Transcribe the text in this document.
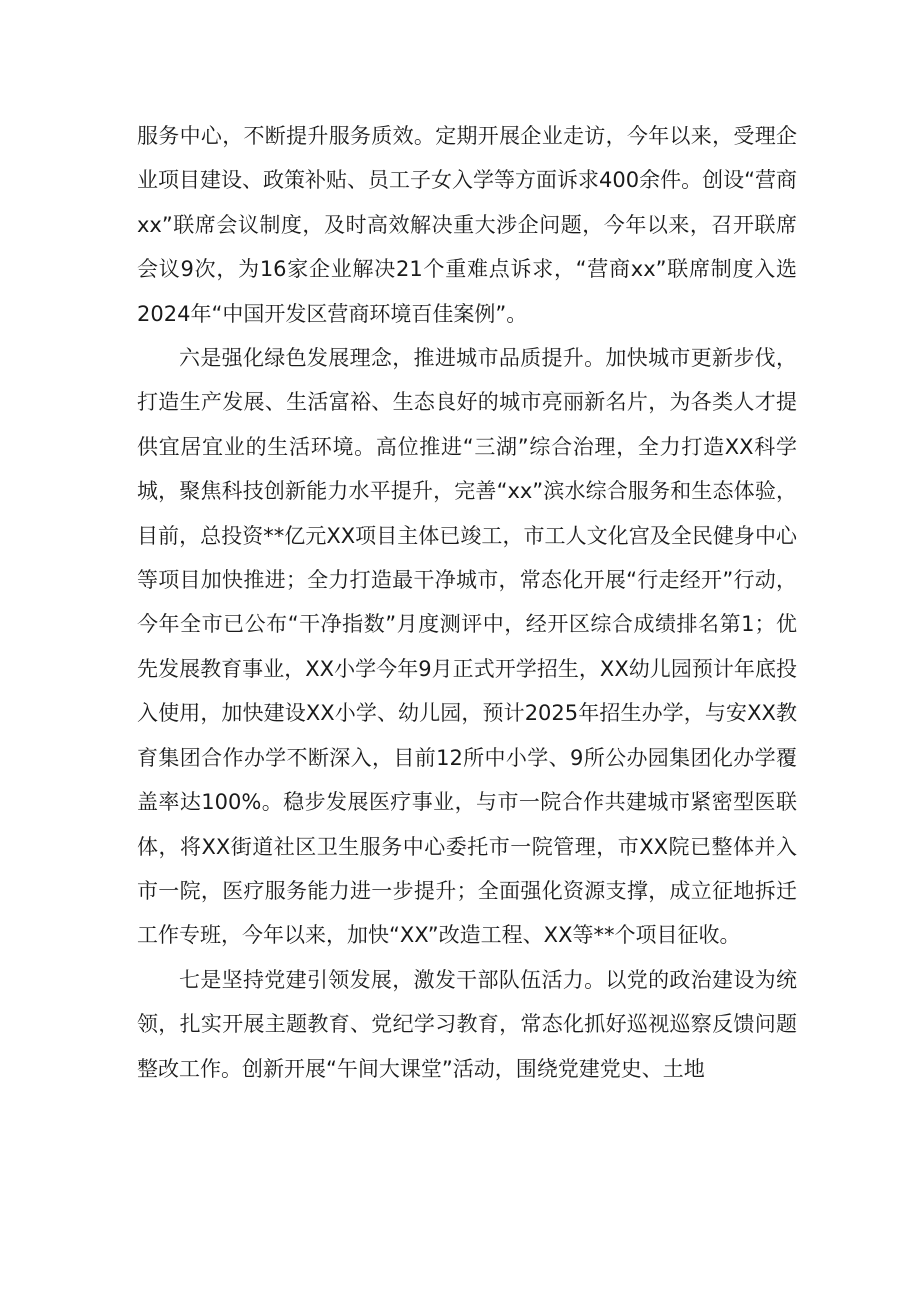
服务中心，不断提升服务质效。定期开展企业走访，今年以来，受理企业项目建设、政策补贴、员工子女入学等方面诉求400余件。创设“营商xx”联席会议制度，及时高效解决重大涉企问题，今年以来，召开联席会议9次，为16家企业解决21个重难点诉求，“营商xx”联席制度入选2024年“中国开发区营商环境百佳案例”。

六是强化绿色发展理念，推进城市品质提升。加快城市更新步伐，打造生产发展、生活富裕、生态良好的城市亮丽新名片，为各类人才提供宜居宜业的生活环境。高位推进“三湖”综合治理，全力打造XX科学城，聚焦科技创新能力水平提升，完善“xx”滨水综合服务和生态体验，目前，总投资**亿元XX项目主体已竣工，市工人文化宫及全民健身中心等项目加快推进；全力打造最干净城市，常态化开展“行走经开”行动，今年全市已公布“干净指数”月度测评中，经开区综合成绩排名第1；优先发展教育事业，XX小学今年9月正式开学招生，XX幼儿园预计年底投入使用，加快建设XX小学、幼儿园，预计2025年招生办学，与安XX教育集团合作办学不断深入，目前12所中小学、9所公办园集团化办学覆盖率达100%。稳步发展医疗事业，与市一院合作共建城市紧密型医联体，将XX街道社区卫生服务中心委托市一院管理，市XX院已整体并入市一院，医疗服务能力进一步提升；全面强化资源支撑，成立征地拆迁工作专班，今年以来，加快“XX”改造工程、XX等**个项目征收。

七是坚持党建引领发展，激发干部队伍活力。以党的政治建设为统领，扎实开展主题教育、党纪学习教育，常态化抓好巡视巡察反馈问题整改工作。创新开展“午间大课堂”活动，围绕党建党史、土地
